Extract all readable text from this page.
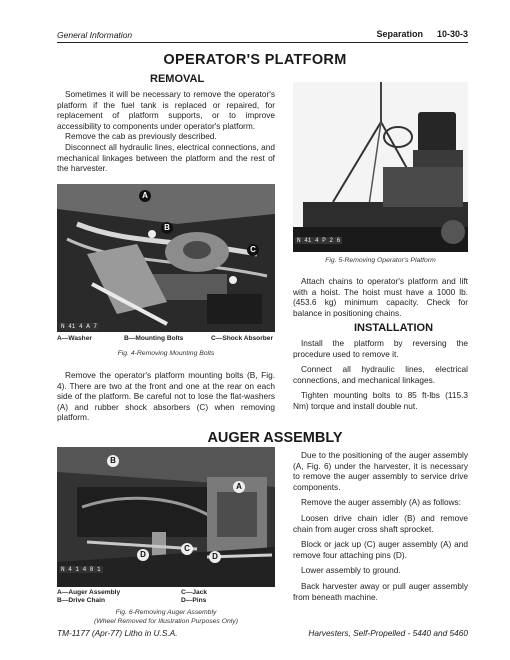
General Information	Separation 10-30-3
OPERATOR'S PLATFORM
REMOVAL

Sometimes it will be necessary to remove the operator's platform if the fuel tank is replaced or repaired, for replacement of platform supports, or to improve accessibility to components under operator's platform.

Remove the cab as previously described.

Disconnect all hydraulic lines, electrical connections, and mechanical linkages between the platform and the rest of the harvester.

A
B
C
N 41 4 A 7
A—Washer	B—Mounting Bolts	C—Shock Absorber
Fig. 4-Removing Mounting Bolts

Remove the operator's platform mounting bolts (B, Fig. 4). There are two at the front and one at the rear on each side of the platform. Be careful not to lose the flat-washers (A) and rubber shock absorbers (C) when removing platform.

N 41 4 P 2 6
Fig. 5-Removing Operator's Platform

Attach chains to operator's platform and lift with a hoist. The hoist must have a 1000 lb. (453.6 kg) minimum capacity. Check for balance in positioning chains.

INSTALLATION

Install the platform by reversing the procedure used to remove it.

Connect all hydraulic lines, electrical connections, and mechanical linkages.

Tighten mounting bolts to 85 ft-lbs (115.3 Nm) torque and install double nut.

AUGER ASSEMBLY
A
B
C
D	D
N 4 1 4 8 1
A—Auger Assembly
B—Drive Chain
C—Jack
D—Pins
Fig. 6-Removing Auger Assembly
(Wheel Removed for Illustration Purposes Only)

Due to the positioning of the auger assembly (A, Fig. 6) under the harvester, it is necessary to remove the auger assembly to service drive components.

Remove the auger assembly (A) as follows:

Loosen drive chain idler (B) and remove chain from auger cross shaft sprocket.

Block or jack up (C) auger assembly (A) and remove four attaching pins (D).

Lower assembly to ground.

Back harvester away or pull auger assembly from beneath machine.

TM-1177 (Apr-77) Litho in U.S.A.	Harvesters, Self-Propelled - 5440 and 5460
